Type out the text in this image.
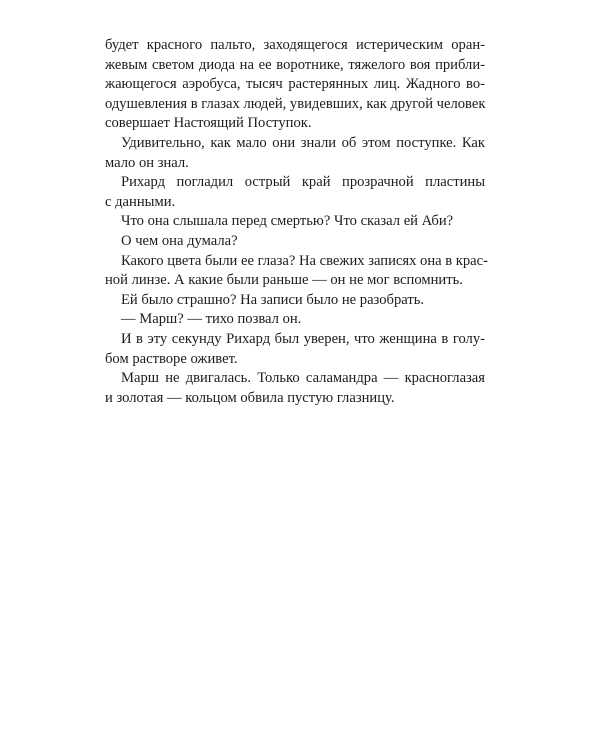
будет красного пальто, заходящегося истерическим оран-
жевым светом диода на ее воротнике, тяжелого воя прибли-
жающегося аэробуса, тысяч растерянных лиц. Жадного во-
одушевления в глазах людей, увидевших, как другой человек
совершает Настоящий Поступок.
Удивительно, как мало они знали об этом поступке. Как
мало он знал.
Рихард погладил острый край прозрачной пластины
с данными.
Что она слышала перед смертью? Что сказал ей Аби?
О чем она думала?
Какого цвета были ее глаза? На свежих записях она в крас-
ной линзе. А какие были раньше — он не мог вспомнить.
Ей было страшно? На записи было не разобрать.
— Марш? — тихо позвал он.
И в эту секунду Рихард был уверен, что женщина в голу-
бом растворе оживет.
Марш не двигалась. Только саламандра — красноглазая
и золотая — кольцом обвила пустую глазницу.
